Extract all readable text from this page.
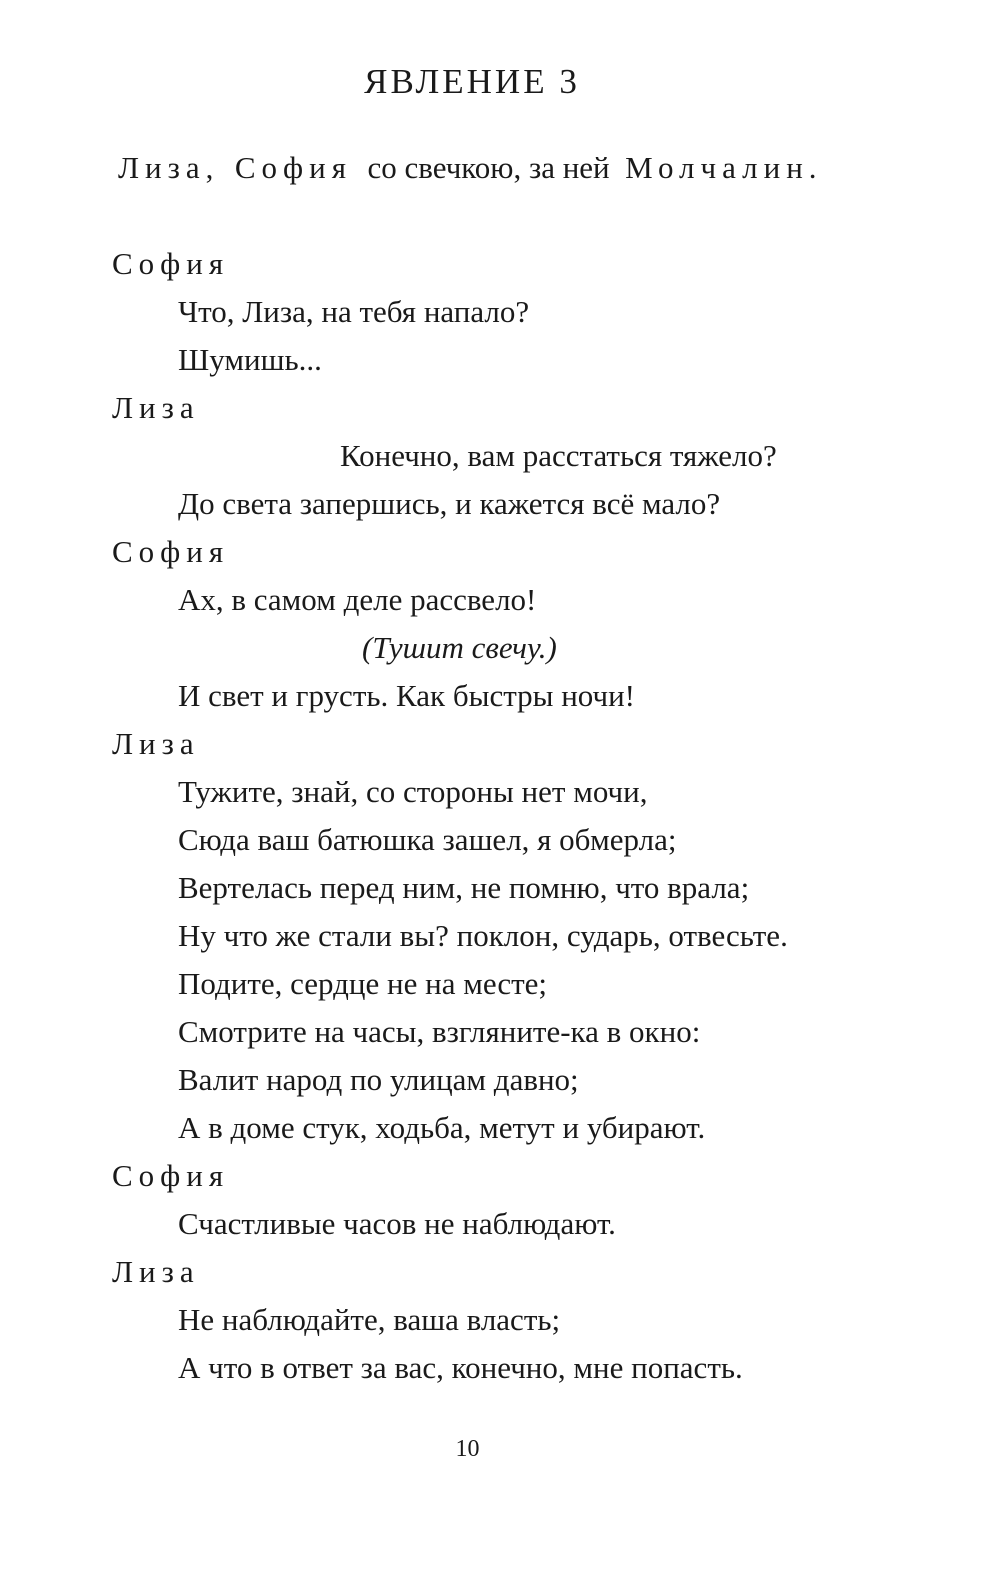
ЯВЛЕНИЕ 3

Лиза, София со свечкою, за ней Молчалин.

София
Что, Лиза, на тебя напало?
Шумишь...
Лиза
Конечно, вам расстаться тяжело?
До света запершись, и кажется всё мало?
София
Ах, в самом деле рассвело!
(Тушит свечу.)
И свет и грусть. Как быстры ночи!
Лиза
Тужите, знай, со стороны нет мочи,
Сюда ваш батюшка зашел, я обмерла;
Вертелась перед ним, не помню, что врала;
Ну что же стали вы? поклон, сударь, отвесьте.
Подите, сердце не на месте;
Смотрите на часы, взгляните-ка в окно:
Валит народ по улицам давно;
А в доме стук, ходьба, метут и убирают.
София
Счастливые часов не наблюдают.
Лиза
Не наблюдайте, ваша власть;
А что в ответ за вас, конечно, мне попасть.
10
